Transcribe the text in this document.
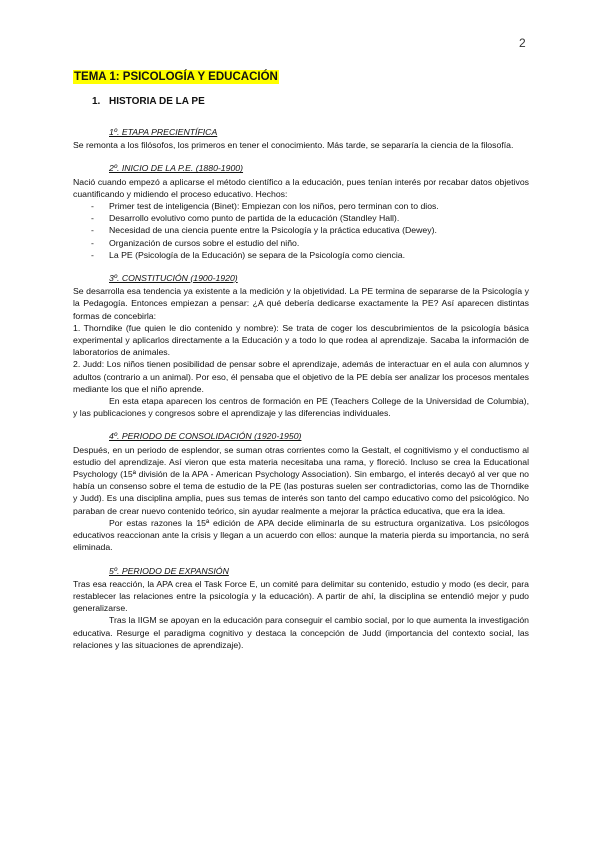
2
TEMA 1: PSICOLOGÍA Y EDUCACIÓN
1. HISTORIA DE LA PE
1º. ETAPA PRECIENTÍFICA

Se remonta a los filósofos, los primeros en tener el conocimiento. Más tarde, se separaría la ciencia de la filosofía.

2º. INICIO DE LA P.E. (1880-1900)

Nació cuando empezó a aplicarse el método científico a la educación, pues tenían interés por recabar datos objetivos cuantificando y midiendo el proceso educativo. Hechos:

- Primer test de inteligencia (Binet): Empiezan con los niños, pero terminan con to dios.
- Desarrollo evolutivo como punto de partida de la educación (Standley Hall).
- Necesidad de una ciencia puente entre la Psicología y la práctica educativa (Dewey).
- Organización de cursos sobre el estudio del niño.
- La PE (Psicología de la Educación) se separa de la Psicología como ciencia.
3º. CONSTITUCIÓN (1900-1920)

Se desarrolla esa tendencia ya existente a la medición y la objetividad. La PE termina de separarse de la Psicología y la Pedagogía. Entonces empiezan a pensar: ¿A qué debería dedicarse exactamente la PE? Así aparecen distintas formas de concebirla:

1. Thorndike (fue quien le dio contenido y nombre): Se trata de coger los descubrimientos de la psicología básica experimental y aplicarlos directamente a la Educación y a todo lo que rodea al aprendizaje. Sacaba la información de laboratorios de animales.

2. Judd: Los niños tienen posibilidad de pensar sobre el aprendizaje, además de interactuar en el aula con alumnos y adultos (contrario a un animal). Por eso, él pensaba que el objetivo de la PE debía ser analizar los procesos mentales mediante los que el niño aprende.

En esta etapa aparecen los centros de formación en PE (Teachers College de la Universidad de Columbia), y las publicaciones y congresos sobre el aprendizaje y las diferencias individuales.

4º. PERIODO DE CONSOLIDACIÓN (1920-1950)

Después, en un periodo de esplendor, se suman otras corrientes como la Gestalt, el cognitivismo y el conductismo al estudio del aprendizaje. Así vieron que esta materia necesitaba una rama, y floreció. Incluso se crea la Educational Psychology (15ª división de la APA - American Psychology Association). Sin embargo, el interés decayó al ver que no había un consenso sobre el tema de estudio de la PE (las posturas suelen ser contradictorias, como las de Thorndike y Judd). Es una disciplina amplia, pues sus temas de interés son tanto del campo educativo como del psicológico. No paraban de crear nuevo contenido teórico, sin ayudar realmente a mejorar la práctica educativa, que era la idea.

Por estas razones la 15ª edición de APA decide eliminarla de su estructura organizativa. Los psicólogos educativos reaccionan ante la crisis y llegan a un acuerdo con ellos: aunque la materia pierda su importancia, no será eliminada.

5º. PERIODO DE EXPANSIÓN

Tras esa reacción, la APA crea el Task Force E, un comité para delimitar su contenido, estudio y modo (es decir, para restablecer las relaciones entre la psicología y la educación). A partir de ahí, la disciplina se entendió mejor y pudo generalizarse.

Tras la IIGM se apoyan en la educación para conseguir el cambio social, por lo que aumenta la investigación educativa. Resurge el paradigma cognitivo y destaca la concepción de Judd (importancia del contexto social, las relaciones y las situaciones de aprendizaje).
